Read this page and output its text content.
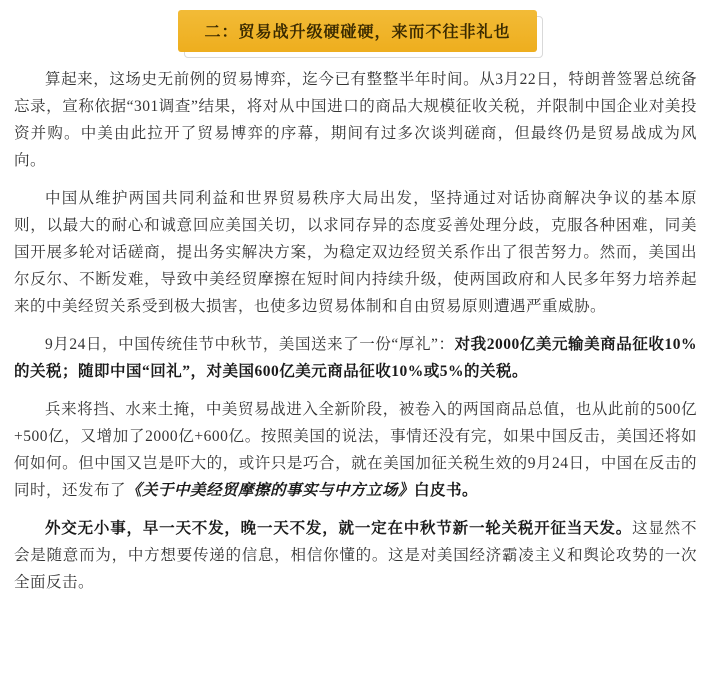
二：贸易战升级硬碰硬，来而不往非礼也

算起来，这场史无前例的贸易博弈，迄今已有整整半年时间。从3月22日，特朗普签署总统备忘录，宣称依据“301调查”结果，将对从中国进口的商品大规模征收关税，并限制中国企业对美投资并购。中美由此拉开了贸易博弈的序幕，期间有过多次谈判磋商，但最终仍是贸易战成为风向。

中国从维护两国共同利益和世界贸易秩序大局出发，坚持通过对话协商解决争议的基本原则，以最大的耐心和诚意回应美国关切，以求同存异的态度妥善处理分歧，克服各种困难，同美国开展多轮对话磋商，提出务实解决方案，为稳定双边经贸关系作出了很苦努力。然而，美国出尔反尔、不断发难，导致中美经贸摩擦在短时间内持续升级，使两国政府和人民多年努力培养起来的中美经贸关系受到极大损害，也使多边贸易体制和自由贸易原则遭遇严重威胁。

9月24日，中国传统佳节中秋节，美国送来了一份“厚礼”：对我2000亿美元输美商品征收10%的关税；随即中国“回礼”，对美国600亿美元商品征收10%或5%的关税。

兵来将挡、水来土掩，中美贸易战进入全新阶段，被卷入的两国商品总值，也从此前的500亿+500亿，又增加了2000亿+600亿。按照美国的说法，事情还没有完，如果中国反击，美国还将如何如何。但中国又岂是吓大的，或许只是巧合，就在美国加征关税生效的9月24日，中国在反击的同时，还发布了《关于中美经贸摩擦的事实与中方立场》白皮书。

外交无小事，早一天不发，晚一天不发，就一定在中秋节新一轮关税开征当天发。这显然不会是随意而为，中方想要传递的信息，相信你懂的。这是对美国经济霸凌主义和舆论攻势的一次全面反击。
